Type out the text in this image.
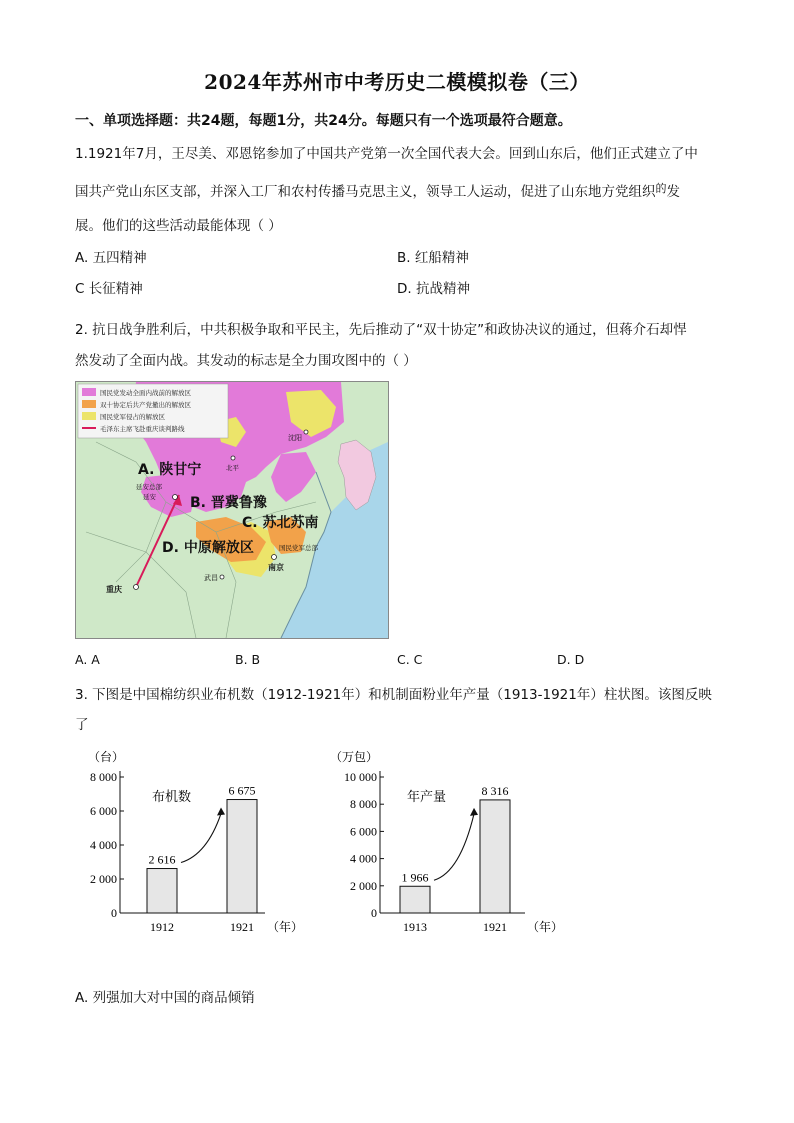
2024年苏州市中考历史二模模拟卷（三）
一、单项选择题：共24题，每题1分，共24分。每题只有一个选项最符合题意。
1.1921年7月，王尽美、邓恩铭参加了中国共产党第一次全国代表大会。回到山东后，他们正式建立了中
国共产党山东区支部，并深入工厂和农村传播马克思主义，领导工人运动，促进了山东地方党组织$^的$发
展。他们的这些活动最能体现（ ）
A. 五四精神	B. 红船精神
C 长征精神	D. 抗战精神
2. 抗日战争胜利后，中共积极争取和平民主，先后推动了“双十协定”和政协决议的通过，但蒋介石却悍
然发动了全面内战。其发动的标志是全力围攻图中的（ ）
国民党发动全面内战前的解放区
双十协定后共产党撤出的解放区
国民党军侵占的解放区
毛泽东主席飞赴重庆谈判路线
A. 陕甘宁
延安总部
延安
北平
沈阳
B. 晋冀鲁豫
C. 苏北苏南
D. 中原解放区	国民党军总部
南京
武昌
重庆
A. A	B. B	C. C	D. D
3. 下图是中国棉纺织业布机数（1912-1921年）和机制面粉业年产量（1913-1921年）柱状图。该图反映
了
（台）
0
2 000
4 000
6 000
8 000
2 616
1912
6 675
1921 （年）
布机数
（万包）
0
2 000
4 000
6 000
8 000
10 000
1 966
1913
8 316
1921 （年）
年产量
A. 列强加大对中国的商品倾销
